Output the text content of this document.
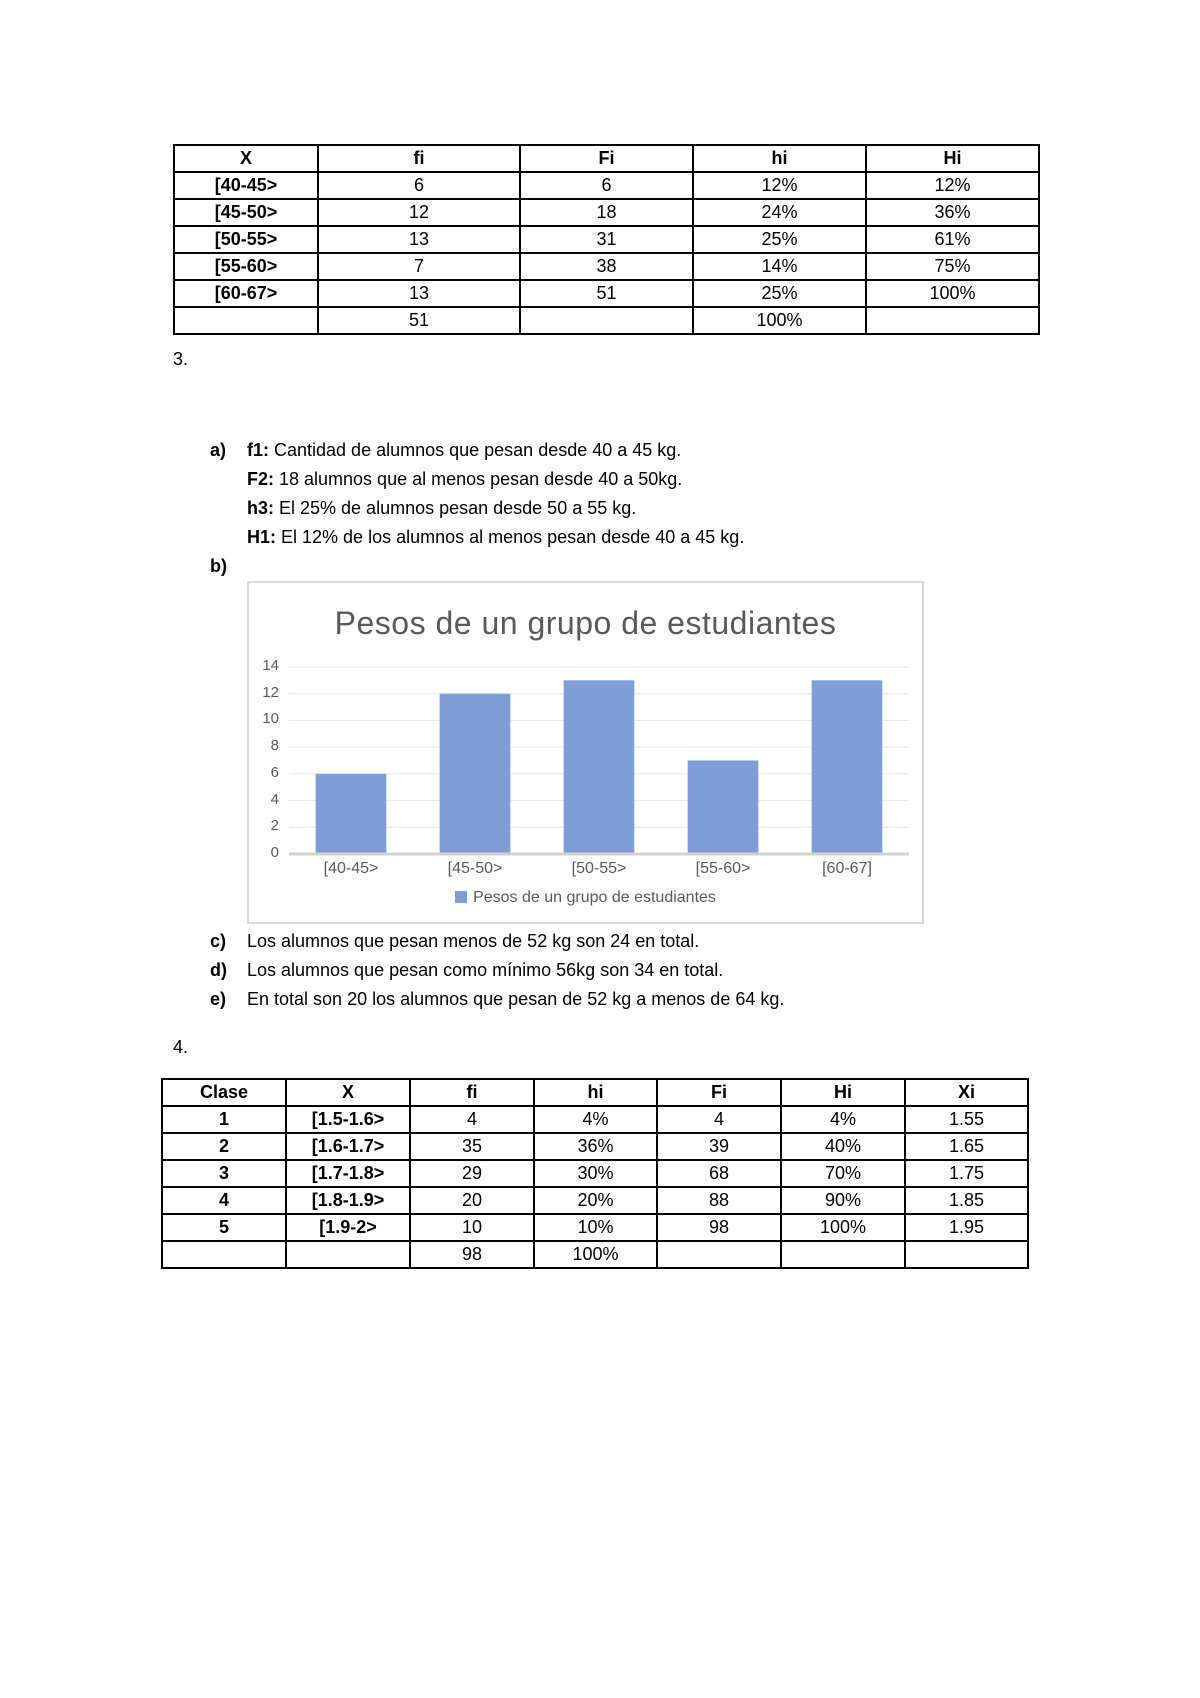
X	fi	Fi	hi	Hi
[40-45>	6	6	12%	12%
[45-50>	12	18	24%	36%
[50-55>	13	31	25%	61%
[55-60>	7	38	14%	75%
[60-67>	13	51	25%	100%
	51		100%	
3.
a) f1: Cantidad de alumnos que pesan desde 40 a 45 kg.
F2: 18 alumnos que al menos pesan desde 40 a 50kg.
h3: El 25% de alumnos pesan desde 50 a 55 kg.
H1: El 12% de los alumnos al menos pesan desde 40 a 45 kg.
b)
Pesos de un grupo de estudiantes
0
2
4
6
8
10
12
14
[40-45>	[45-50>	[50-55>	[55-60>	[60-67]
Pesos de un grupo de estudiantes
c) Los alumnos que pesan menos de 52 kg son 24 en total.
d) Los alumnos que pesan como mínimo 56kg son 34 en total.
e) En total son 20 los alumnos que pesan de 52 kg a menos de 64 kg.
4.
Clase	X	fi	hi	Fi	Hi	Xi
1	[1.5-1.6>	4	4%	4	4%	1.55
2	[1.6-1.7>	35	36%	39	40%	1.65
3	[1.7-1.8>	29	30%	68	70%	1.75
4	[1.8-1.9>	20	20%	88	90%	1.85
5	[1.9-2>	10	10%	98	100%	1.95
		98	100%			
